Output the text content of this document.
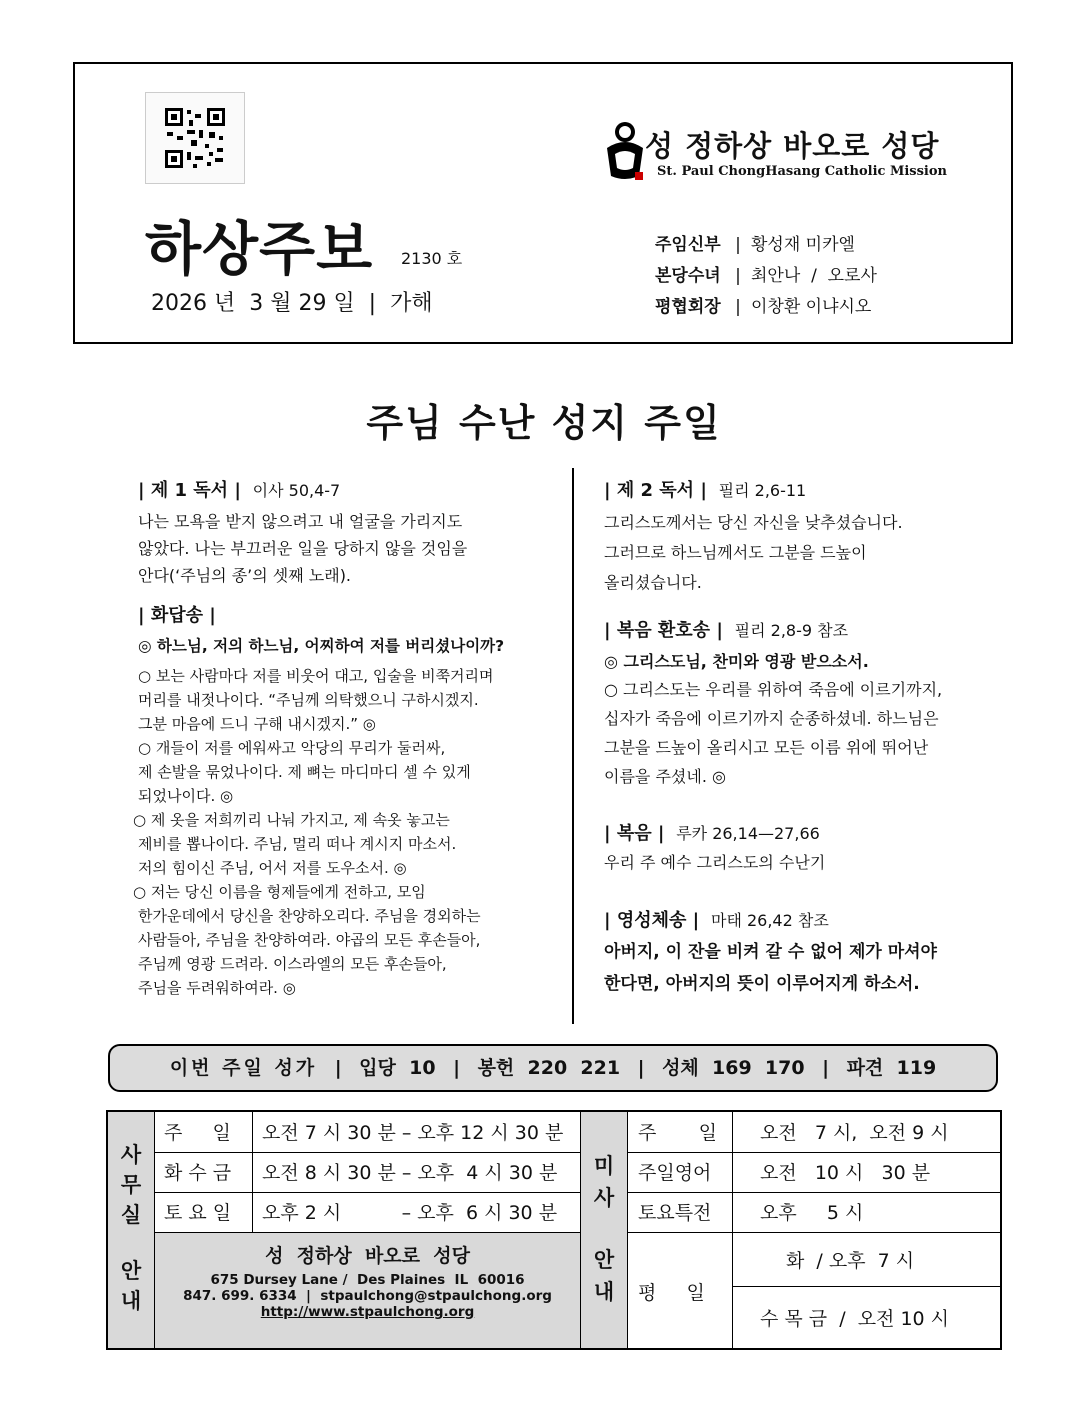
하상주보 2130 호
2026 년  3 월 29 일  |  가해
성 정하상 바오로 성당
St. Paul ChongHasang Catholic Mission
주임신부 | 황성재 미카엘
본당수녀 | 최안나  /  오로사
평협회장 | 이창환 이냐시오
주님 수난 성지 주일
| 제 1 독서 | 이사 50,4-7
나는 모욕을 받지 않으려고 내 얼굴을 가리지도
않았다. 나는 부끄러운 일을 당하지 않을 것임을
안다(‘주님의 종’의 셋째 노래).
| 화답송 |
◎ 하느님, 저의 하느님, 어찌하여 저를 버리셨나이까?
○ 보는 사람마다 저를 비웃어 대고, 입술을 비쭉거리며
머리를 내젓나이다. “주님께 의탁했으니 구하시겠지.
그분 마음에 드니 구해 내시겠지.” ◎
○ 개들이 저를 에워싸고 악당의 무리가 둘러싸,
제 손발을 묶었나이다. 제 뼈는 마디마디 셀 수 있게
되었나이다. ◎
○ 제 옷을 저희끼리 나눠 가지고, 제 속옷 놓고는
제비를 뽑나이다. 주님, 멀리 떠나 계시지 마소서.
저의 힘이신 주님, 어서 저를 도우소서. ◎
○ 저는 당신 이름을 형제들에게 전하고, 모임
한가운데에서 당신을 찬양하오리다. 주님을 경외하는
사람들아, 주님을 찬양하여라. 야곱의 모든 후손들아,
주님께 영광 드려라. 이스라엘의 모든 후손들아,
주님을 두려워하여라. ◎
| 제 2 독서 | 필리 2,6-11
그리스도께서는 당신 자신을 낮추셨습니다.
그러므로 하느님께서도 그분을 드높이
올리셨습니다.
| 복음 환호송 | 필리 2,8-9 참조
◎ 그리스도님, 찬미와 영광 받으소서.
○ 그리스도는 우리를 위하여 죽음에 이르기까지,
십자가 죽음에 이르기까지 순종하셨네. 하느님은
그분을 드높이 올리시고 모든 이름 위에 뛰어난
이름을 주셨네. ◎
| 복음 | 루카 26,14—27,66
우리 주 예수 그리스도의 수난기
| 영성체송 | 마태 26,42 참조
아버지, 이 잔을 비켜 갈 수 없어 제가 마셔야
한다면, 아버지의 뜻이 이루어지게 하소서.
이번 주일 성가 | 입당  10 | 봉헌  220  221 | 성체  169  170 | 파견  119
사
무
실
안
내
주     일 오전 7 시 30 분 – 오후 12 시 30 분
화 수 금 오전 8 시 30 분 – 오후  4 시 30 분
토 요 일 오후 2 시          – 오후  6 시 30 분
성  정하상  바오로  성당
675 Dursey Lane /  Des Plaines  IL  60016
847. 699. 6334  |  stpaulchong@stpaulchong.org
http://www.stpaulchong.org
미
사
안
내
주       일 오전   7 시,  오전 9 시
주일영어	오전   10 시   30 분
토요특전	오후     5 시
평     일
화  / 오후  7 시
수 목 금  /  오전 10 시
